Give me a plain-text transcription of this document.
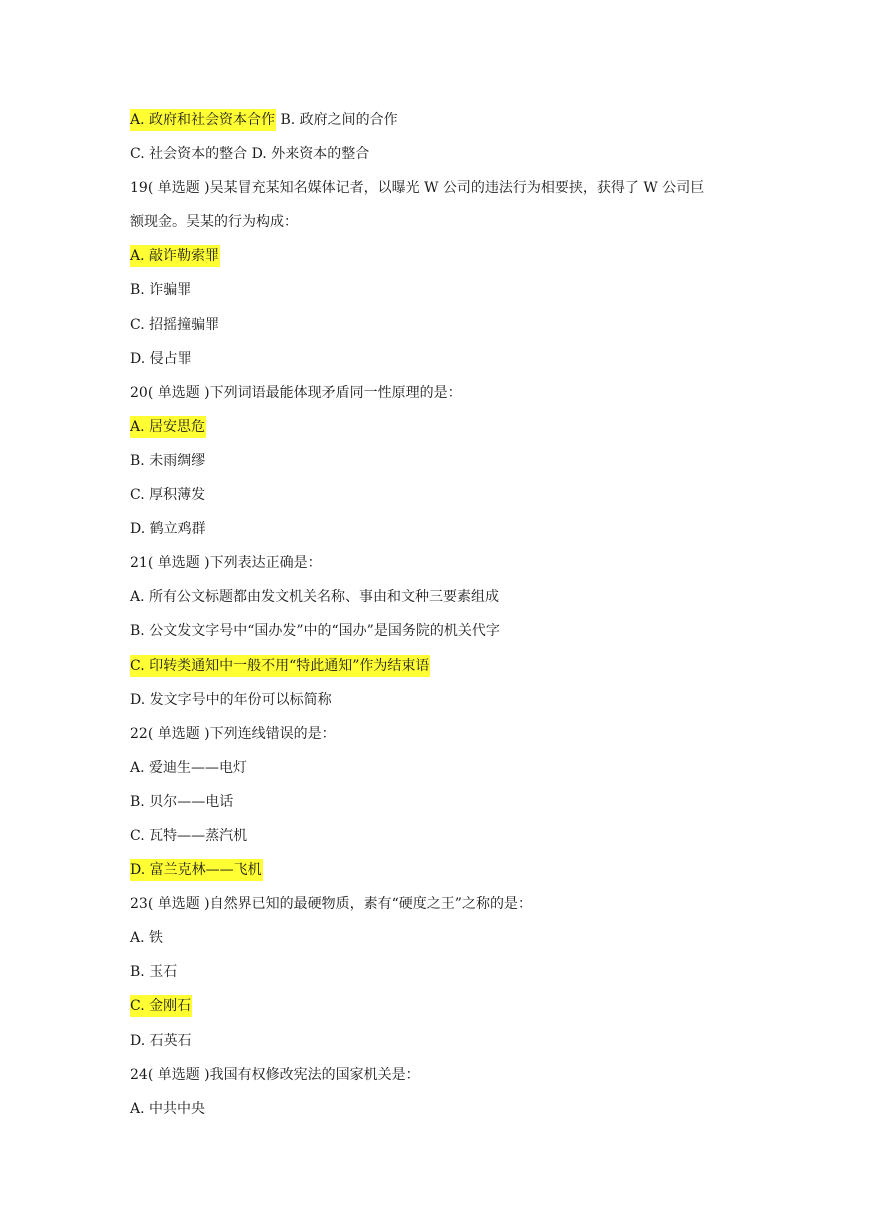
A. 政府和社会资本合作 B. 政府之间的合作
C. 社会资本的整合 D. 外来资本的整合
19( 单选题 )吴某冒充某知名媒体记者，以曝光 W 公司的违法行为相要挟，获得了 W 公司巨
额现金。吴某的行为构成：
A. 敲诈勒索罪
B. 诈骗罪
C. 招摇撞骗罪
D. 侵占罪
20( 单选题 )下列词语最能体现矛盾同一性原理的是：
A. 居安思危
B. 未雨绸缪
C. 厚积薄发
D. 鹤立鸡群
21( 单选题 )下列表达正确是：
A. 所有公文标题都由发文机关名称、事由和文种三要素组成
B. 公文发文字号中“国办发”中的“国办”是国务院的机关代字
C. 印转类通知中一般不用“特此通知”作为结束语
D. 发文字号中的年份可以标简称
22( 单选题 )下列连线错误的是：
A. 爱迪生——电灯
B. 贝尔——电话
C. 瓦特——蒸汽机
D. 富兰克林——飞机
23( 单选题 )自然界已知的最硬物质，素有“硬度之王”之称的是：
A. 铁
B. 玉石
C. 金刚石
D. 石英石
24( 单选题 )我国有权修改宪法的国家机关是：
A. 中共中央
